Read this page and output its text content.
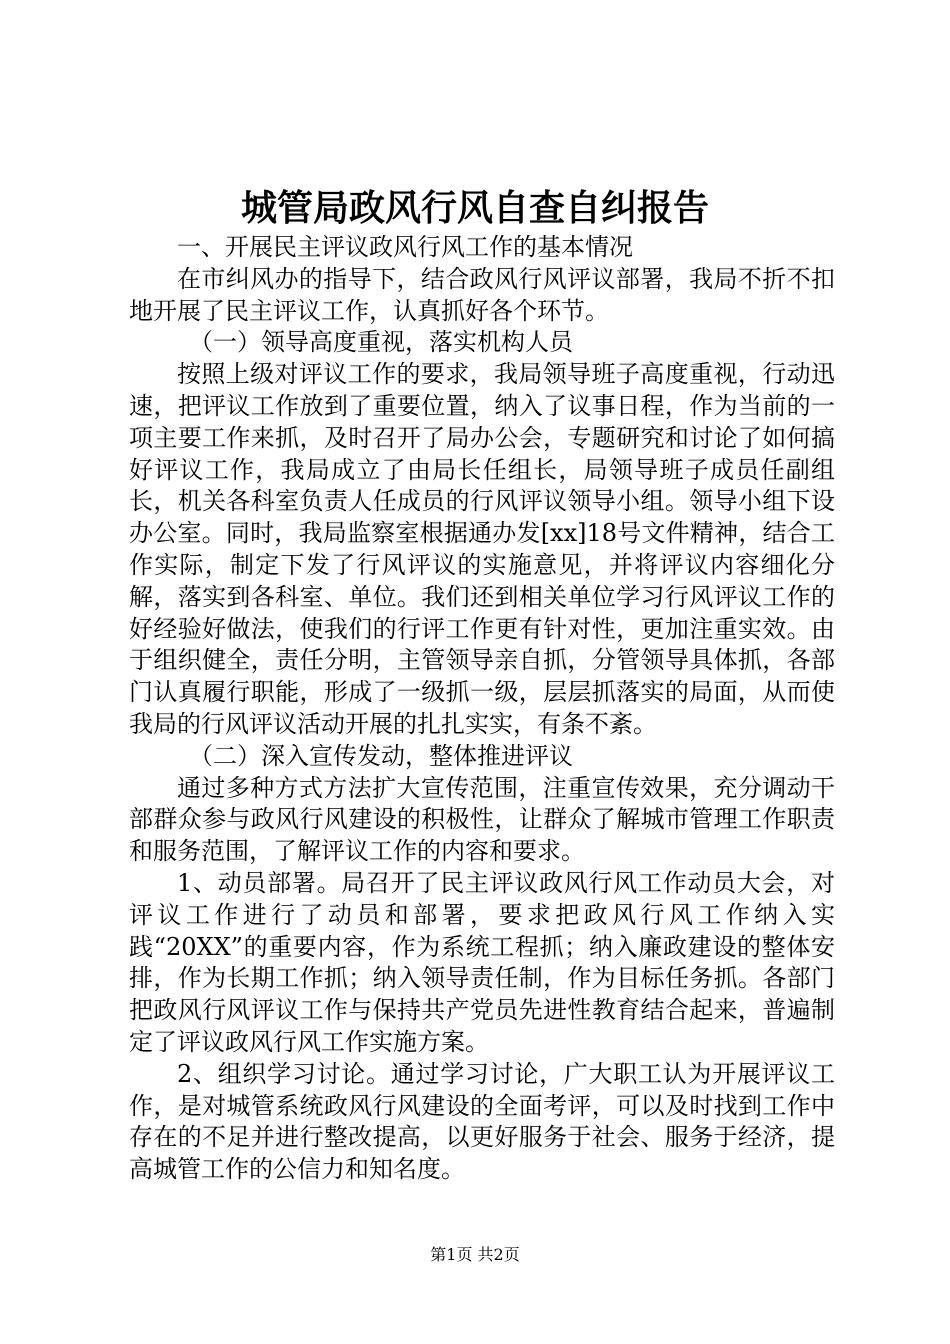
城管局政风行风自查自纠报告

一、开展民主评议政风行风工作的基本情况

在市纠风办的指导下，结合政风行风评议部署，我局不折不扣地开展了民主评议工作，认真抓好各个环节。

（一）领导高度重视，落实机构人员

按照上级对评议工作的要求，我局领导班子高度重视，行动迅速，把评议工作放到了重要位置，纳入了议事日程，作为当前的一项主要工作来抓，及时召开了局办公会，专题研究和讨论了如何搞好评议工作，我局成立了由局长任组长，局领导班子成员任副组长，机关各科室负责人任成员的行风评议领导小组。领导小组下设办公室。同时，我局监察室根据通办发[xx]18号文件精神，结合工作实际，制定下发了行风评议的实施意见，并将评议内容细化分解，落实到各科室、单位。我们还到相关单位学习行风评议工作的好经验好做法，使我们的行评工作更有针对性，更加注重实效。由于组织健全，责任分明，主管领导亲自抓，分管领导具体抓，各部门认真履行职能，形成了一级抓一级，层层抓落实的局面，从而使我局的行风评议活动开展的扎扎实实，有条不紊。

（二）深入宣传发动，整体推进评议

通过多种方式方法扩大宣传范围，注重宣传效果，充分调动干部群众参与政风行风建设的积极性，让群众了解城市管理工作职责和服务范围，了解评议工作的内容和要求。

1、动员部署。局召开了民主评议政风行风工作动员大会，对评议工作进行了动员和部署，要求把政风行风工作纳入实践“20XX”的重要内容，作为系统工程抓；纳入廉政建设的整体安排，作为长期工作抓；纳入领导责任制，作为目标任务抓。各部门把政风行风评议工作与保持共产党员先进性教育结合起来，普遍制定了评议政风行风工作实施方案。

2、组织学习讨论。通过学习讨论，广大职工认为开展评议工作，是对城管系统政风行风建设的全面考评，可以及时找到工作中存在的不足并进行整改提高，以更好服务于社会、服务于经济，提高城管工作的公信力和知名度。

第1页 共2页
